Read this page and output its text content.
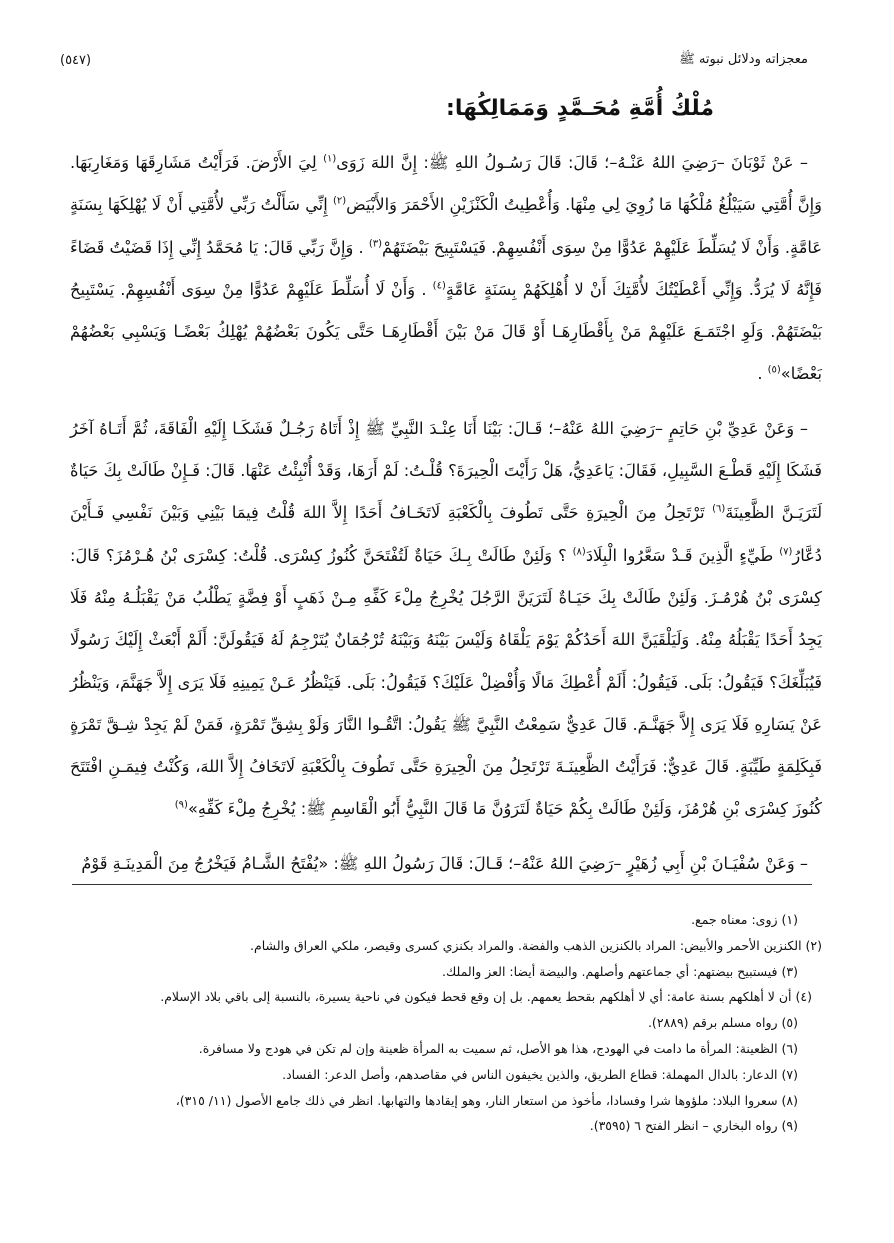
معجزاته ودلائل نبوته ﷺ
(٥٤٧)
مُلْكُ أُمَّةِ مُحَـمَّدٍ وَمَمَالِكُهَا:

– عَنْ ثَوْبَانَ –رَضِيَ اللهُ عَنْـهُ–؛ قَالَ: قَالَ رَسُـولُ اللهِ ﷺ: إِنَّ اللهَ زَوَى$^{(١)}$ لِيَ الأَرْضَ. فَرَأَيْتُ مَشَارِقَهَا وَمَغَارِبَهَا. وَإِنَّ أُمَّتِي سَيَبْلُغُ مُلْكُهَا مَا زُوِيَ لِي مِنْهَا. وَأُعْطِيتُ الْكَنْزَيْنِ الأَحْمَرَ وَالأَبْيَض$^{(٢)}$ إِنِّي سَأَلْتُ رَبِّي لأُمَّتِي أَنْ لَا يُهْلِكَهَا بِسَنَةٍ عَامَّةٍ. وَأَنْ لَا يُسَلِّطَ عَلَيْهِمْ عَدُوًّا مِنْ سِوَى أَنْفُسِهِمْ. فَيَسْتَبِيحَ بَيْضَتَهُمْ$^{(٣)}$ . وَإِنَّ رَبِّي قَالَ: يَا مُحَمَّدُ إِنِّي إِذَا قَضَيْتُ قَضَاءً فَإِنَّهُ لَا يُرَدُّ. وَإِنِّي أَعْطَيْتُكَ لأُمَّتِكَ أَنْ لا أُهْلِكَهُمْ بِسَنَةٍ عَامَّةٍ$^{(٤)}$ . وَأَنْ لَا أُسَلِّطَ عَلَيْهِمْ عَدُوًّا مِنْ سِوَى أَنْفُسِهِمْ. يَسْتَبِيحُ بَيْضَتَهُمْ. وَلَوِ اجْتَمَـعَ عَلَيْهِمْ مَنْ بِأَقْطَارِهَـا أَوْ قَالَ مَنْ بَيْنَ أَقْطَارِهَـا حَتَّى يَكُونَ بَعْضُهُمْ يُهْلِكُ بَعْضًـا وَيَسْبِي بَعْضُهُمْ بَعْضًا»$^{(٥)}$ .

– وَعَنْ عَدِيِّ بْنِ حَاتِمٍ –رَضِيَ اللهُ عَنْهُ–؛ قَـالَ: بَيْنَا أَنَا عِنْـدَ النَّبِيِّ ﷺ إِذْ أَتَاهُ رَجُـلٌ فَشَكَـا إِلَيْهِ الْفَاقَةَ، ثُمَّ أَتَـاهُ آخَرُ فَشَكَا إِلَيْهِ قَطْـعَ السَّبِيلِ، فَقَالَ: يَاعَدِيُّ، هَلْ رَأَيْتَ الْحِيرَةَ؟ قُلْـتُ: لَمْ أَرَهَا، وَقَدْ أُنْبِئْتُ عَنْهَا. قَالَ: فَـإِنْ طَالَتْ بِكَ حَيَاةٌ لَتَرَيَـنَّ الظَّعِينَةَ$^{(٦)}$ تَرْتَحِلُ مِنَ الْحِيرَةِ حَتَّى تَطُوفَ بِالْكَعْبَةِ لَاتَخَـافُ أَحَدًا إِلاَّ اللهَ قُلْتُ فِيمَا بَيْنِي وَبَيْنَ نَفْسِي فَـأَيْنَ دُعَّارُ$^{(٧)}$ طَيِّءٍ الَّذِينَ قَـدْ سَعَّرُوا الْبِلَادَ$^{(٨)}$ ؟ وَلَئِنْ طَالَتْ بِـكَ حَيَاةٌ لَتُفْتَحَنَّ كُنُوزُ كِسْرَى. قُلْتُ: كِسْرَى بْنُ هُـرْمُزَ؟ قَالَ: كِسْرَى بْنُ هُرْمُـزَ. وَلَئِنْ طَالَتْ بِكَ حَيَـاةٌ لَتَرَيَنَّ الرَّجُلَ يُخْرِجُ مِلْءَ كَفِّهِ مِـنْ ذَهَبٍ أَوْ فِضَّةٍ يَطْلُبُ مَنْ يَقْبَلُـهُ مِنْهُ فَلَا يَجِدُ أَحَدًا يَقْبَلُهُ مِنْهُ. وَلَيَلْقَيَنَّ اللهَ أَحَدُكُمْ يَوْمَ يَلْقَاهُ وَلَيْسَ بَيْنَهُ وَبَيْنَهُ تُرْجُمَانٌ يُتَرْجِمُ لَهُ فَيَقُولَنَّ: أَلَمْ أَبْعَثْ إِلَيْكَ رَسُولًا فَيُبَلِّغَكَ؟ فَيَقُولُ: بَلَى. فَيَقُولُ: أَلَمْ أُعْطِكَ مَالًا وَأُفْضِلْ عَلَيْكَ؟ فَيَقُولُ: بَلَى. فَيَنْظُرُ عَـنْ يَمِينِهِ فَلَا يَرَى إِلاَّ جَهَنَّمَ، وَيَنْظُرُ عَنْ يَسَارِهِ فَلَا يَرَى إِلاَّ جَهَنَّـمَ. قَالَ عَدِيٌّ سَمِعْتُ النَّبِيَّ ﷺ يَقُولُ: اتَّقُـوا النَّارَ وَلَوْ بِشِقِّ تَمْرَةٍ، فَمَنْ لَمْ يَجِدْ شِـقَّ تَمْرَةٍ فَبِكَلِمَةٍ طَيِّبَةٍ. قَالَ عَدِيٌّ: فَرَأَيْتُ الظَّعِينَـةَ تَرْتَحِلُ مِنَ الْحِيرَةِ حَتَّى تَطُوفَ بِالْكَعْبَةِ لَاتَخَافُ إِلاَّ اللهَ، وَكُنْتُ فِيمَـنِ افْتَتَحَ كُنُوزَ كِسْرَى بْنِ هُرْمُزَ، وَلَئِنْ طَالَتْ بِكُمْ حَيَاةٌ لَتَرَوُنَّ مَا قَالَ النَّبِيُّ أَبُو الْقَاسِمِ ﷺ: يُخْرِجُ مِلْءَ كَفِّهِ»$^{(٩)}$

– وَعَنْ سُفْيَـانَ بْنِ أَبِي زُهَيْرٍ –رَضِيَ اللهُ عَنْهُ–؛ قَـالَ: قَالَ رَسُولُ اللهِ ﷺ: «يُفْتَحُ الشَّـامُ فَيَخْرُجُ مِنَ الْمَدِينَـةِ قَوْمٌ

(١) زوى: معناه جمع.

(٢) الكنزين الأحمر والأبيض: المراد بالكنزين الذهب والفضة. والمراد بكنزي كسرى وقيصر، ملكي العراق والشام.

(٣) فيستبيح بيضتهم: أي جماعتهم وأصلهم. والبيضة أيضا: العز والملك.

(٤) أن لا أهلكهم بسنة عامة: أي لا أهلكهم بقحط يعمهم. بل إن وقع قحط فيكون في ناحية يسيرة، بالنسبة إلى باقي بلاد الإسلام.

(٥) رواه مسلم برقم (٢٨٨٩).

(٦) الظعينة: المرأة ما دامت في الهودج، هذا هو الأصل، ثم سميت به المرأة ظعينة وإن لم تكن في هودج ولا مسافرة.

(٧) الدعار: بالدال المهملة: قطاع الطريق، والذين يخيفون الناس في مقاصدهم، وأصل الدعر: الفساد.

(٨) سعروا البلاد: ملؤوها شرا وفسادا، مأخوذ من استعار النار، وهو إيقادها والتهابها. انظر في ذلك جامع الأصول (١١/ ٣١٥)،

(٩) رواه البخاري – انظر الفتح ٦ (٣٥٩٥).
